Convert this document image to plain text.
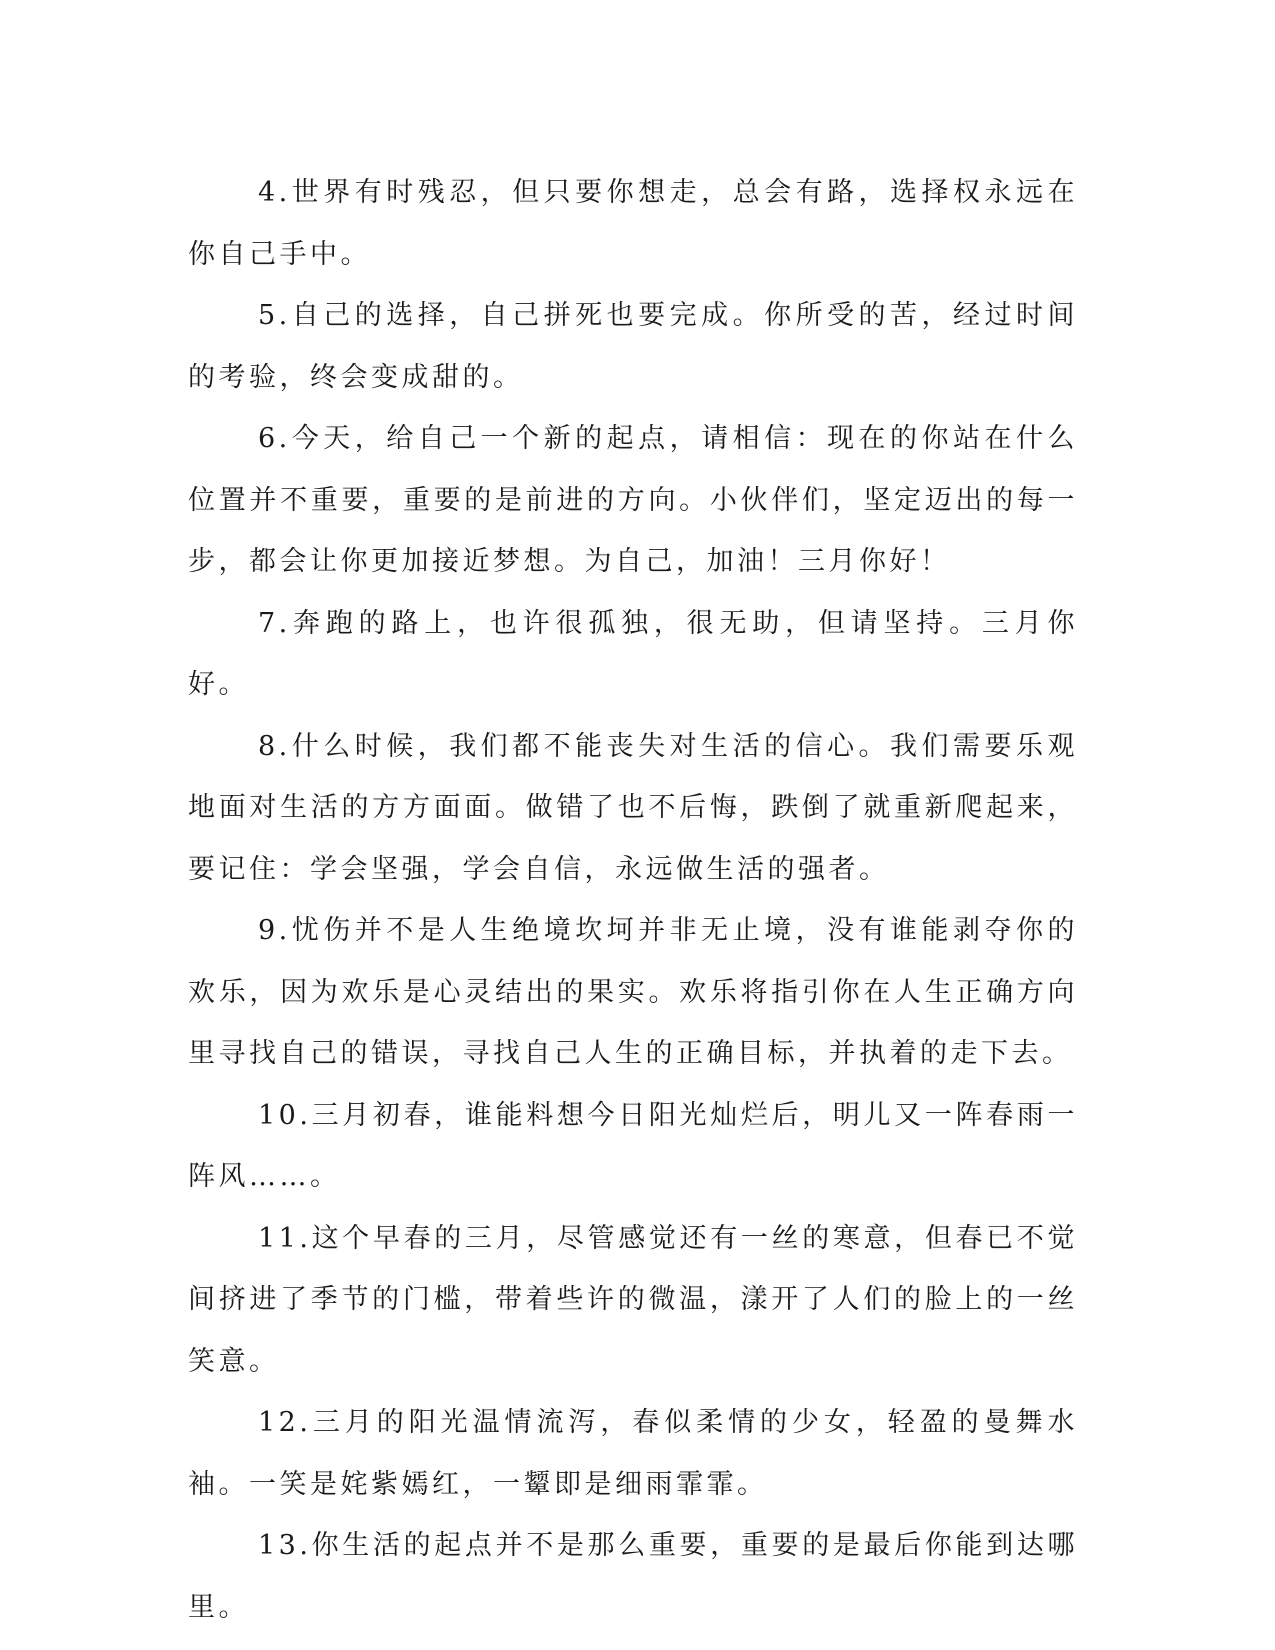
4.世界有时残忍，但只要你想走，总会有路，选择权永远在你自己手中。

5.自己的选择，自己拼死也要完成。你所受的苦，经过时间的考验，终会变成甜的。

6.今天，给自己一个新的起点，请相信：现在的你站在什么位置并不重要，重要的是前进的方向。小伙伴们，坚定迈出的每一步，都会让你更加接近梦想。为自己，加油！三月你好！

7.奔跑的路上，也许很孤独，很无助，但请坚持。三月你好。

8.什么时候，我们都不能丧失对生活的信心。我们需要乐观地面对生活的方方面面。做错了也不后悔，跌倒了就重新爬起来，要记住：学会坚强，学会自信，永远做生活的强者。

9.忧伤并不是人生绝境坎坷并非无止境，没有谁能剥夺你的欢乐，因为欢乐是心灵结出的果实。欢乐将指引你在人生正确方向里寻找自己的错误，寻找自己人生的正确目标，并执着的走下去。

10.三月初春，谁能料想今日阳光灿烂后，明儿又一阵春雨一阵风……。

11.这个早春的三月，尽管感觉还有一丝的寒意，但春已不觉间挤进了季节的门槛，带着些许的微温，漾开了人们的脸上的一丝笑意。

12.三月的阳光温情流泻，春似柔情的少女，轻盈的曼舞水袖。一笑是姹紫嫣红，一颦即是细雨霏霏。

13.你生活的起点并不是那么重要，重要的是最后你能到达哪里。
